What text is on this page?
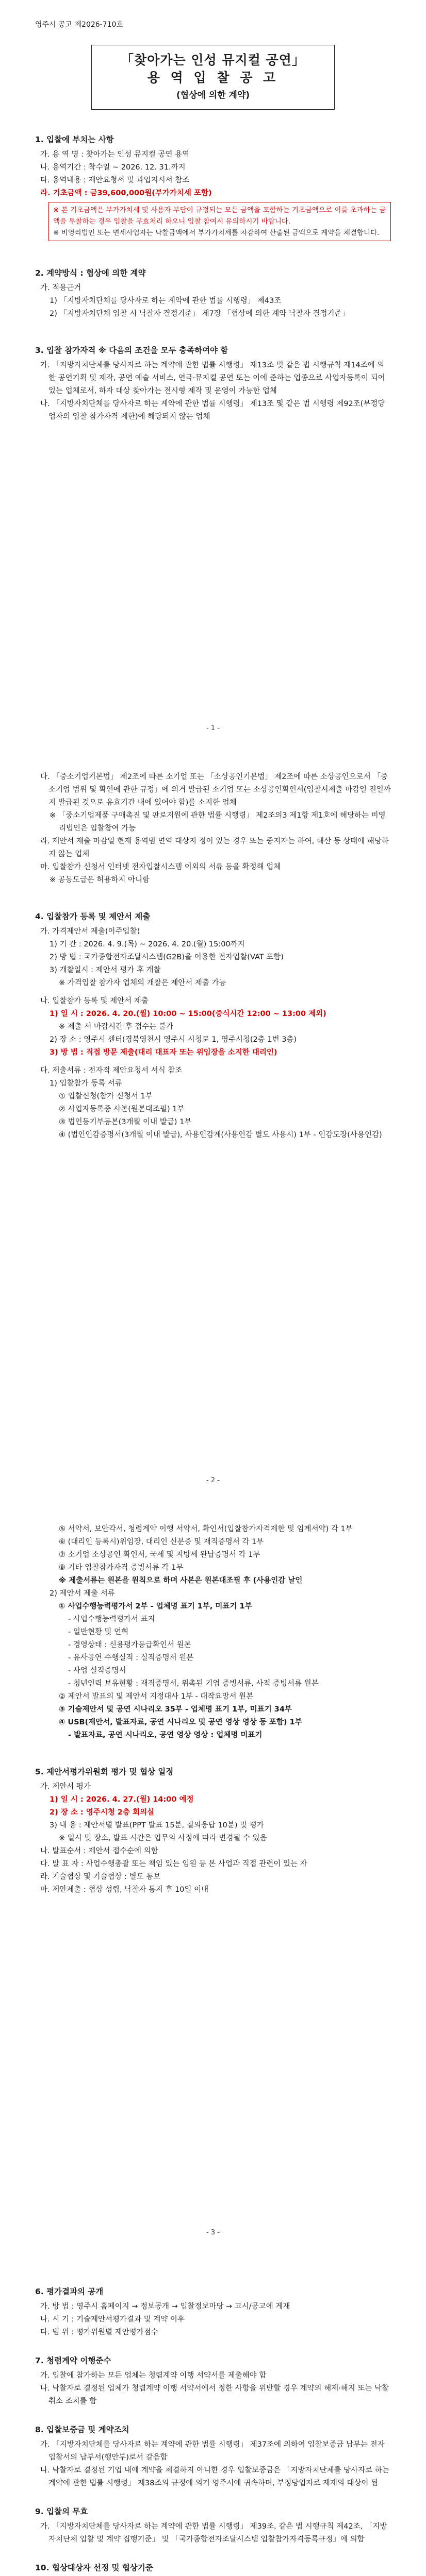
영주시 공고 제2026-710호

「찾아가는 인성 뮤지컬 공연」
용 역 입 찰 공 고
(협상에 의한 계약)
1. 입찰에 부치는 사항

가. 용 역 명 : 찾아가는 인성 뮤지컬 공연 용역

나. 용역기간 : 착수일 ~ 2026. 12. 31.까지

다. 용역내용 : 제안요청서 및 과업지시서 참조

라. 기초금액 : 금39,600,000원(부가가치세 포함)

※ 본 기초금액은 부가가치세 및 사용자 부담이 규정되는 모든 금액을 포함하는 기초금액으로 이를 초과하는 금액을 투찰하는 경우 입찰을 무효처리 하오니 입찰 참여시 유의하시기 바랍니다.

※ 비영리법인 또는 면세사업자는 낙찰금액에서 부가가치세를 차감하여 산출된 금액으로 계약을 체결합니다.

2. 계약방식 : 협상에 의한 계약

가. 적용근거

1) 「지방자치단체를 당사자로 하는 계약에 관한 법률 시행령」 제43조

2) 「지방자치단체 입찰 시 낙찰자 결정기준」 제7장 「협상에 의한 계약 낙찰자 결정기준」

3. 입찰 참가자격 ※ 다음의 조건을 모두 충족하여야 함

가. 「지방자치단체를 당사자로 하는 계약에 관한 법률 시행령」 제13조 및 같은 법 시행규칙 제14조에 의한 공연기획 및 제작, 공연 예술 서비스, 연극·뮤지컬 공연 또는 이에 준하는 업종으로 사업자등록이 되어 있는 업체로서, 하자 대상 찾아가는 전시형 제작 및 운영이 가능한 업체

나. 「지방자치단체를 당사자로 하는 계약에 관한 법률 시행령」 제13조 및 같은 법 시행령 제92조(부정당업자의 입찰 참가자격 제한)에 해당되지 않는 업체

- 1 -

다. 「중소기업기본법」 제2조에 따른 소기업 또는 「소상공인기본법」 제2조에 따른 소상공인으로서 「중소기업 범위 및 확인에 관한 규정」에 의거 발급된 소기업 또는 소상공인확인서(입찰서제출 마감일 전일까지 발급된 것으로 유효기간 내에 있어야 함)를 소지한 업체

※ 「중소기업제품 구매촉진 및 판로지원에 관한 법률 시행령」 제2조의3 제1항 제1호에 해당하는 비영리법인은 입찰참여 가능

라. 제안서 제출 마감일 현재 용역범 면역 대상지 정이 있는 경우 또는 중지자는 하여, 해산 등 상태에 해당하지 않는 업체

마. 입찰참가 신청서 인터넷 전자입찰시스템 이외의 서류 등을 확정해 업체

※ 공동도급은 허용하지 아니함

4. 입찰참가 등록 및 제안서 제출

가. 가격제안서 제출(이주입찰)

1) 기 간 : 2026. 4. 9.(목) ~ 2026. 4. 20.(월) 15:00까지

2) 방 법 : 국가종합전자조달시스템(G2B)을 이용한 전자입찰(VAT 포함)

3) 개찰일시 : 제안서 평가 후 개찰

※ 가격입찰 참가자 업체의 개찰은 제안서 제출 가능

나. 입찰참가 등록 및 제안서 제출

1) 일 시 : 2026. 4. 20.(월) 10:00 ~ 15:00(중식시간 12:00 ~ 13:00 제외)

※ 제출 서 마감시간 후 접수는 불가

2) 장 소 : 영주시 센터(경북영천시 영주시 시청로 1, 영주시청(2층 1번 3층)

3) 방 법 : 직접 방문 제출(대리 대표자 또는 위임장을 소지한 대리인)

다. 제출서류 : 전자적 제안요청서 서식 참조

1) 입찰참가 등록 서류

① 입찰신청(참가 신청서 1부

② 사업자등록증 사본(원본대조필) 1부

③ 법인등기부등본(3개월 이내 발급) 1부

④ (법인인감증명서(3개월 이내 발급), 사용인감계(사용인감 별도 사용시) 1부 - 인감도장(사용인감)

- 2 -

⑤ 서약서, 보안각서, 청렴계약 이행 서약서, 확인서(입찰참가자격제한 및 임계서약) 각 1부

⑥ (대리인 등록시)위임장, 대리인 신분증 및 재직증명서 각 1부

⑦ 소기업 소상공인 확인서, 국세 및 지방세 완납증명서 각 1부

⑧ 기타 입찰참가자격 증빙서류 각 1부

※ 제출서류는 원본을 원칙으로 하며 사본은 원본대조필 후 (사용인감 날인

2) 제안서 제출 서류

① 사업수행능력평가서 2부 - 업체명 표기 1부, 미표기 1부

- 사업수행능력평가서 표지

- 일반현황 및 연혁

- 경영상태 : 신용평가등급확인서 원본

- 유사공연 수행실적 : 실적증명서 원본

- 사업 실적증명서

- 청년인력 보유현황 : 재직증명서, 위촉된 기업 증빙서류, 사적 증빙서류 원본

② 제안서 발표의 및 제안서 지정대사 1부 - 대작요망서 원본

③ 기술제안서 및 공연 시나리오 35부 - 업체명 표기 1부, 미표기 34부

④ USB(제안서, 발표자료, 공연 시나리오 및 공연 영상 영상 등 포함) 1부

- 발표자료, 공연 시나리오, 공연 영상 영상 : 업체명 미표기

5. 제안서평가위원회 평가 및 협상 일정

가. 제안서 평가

1) 일 시 : 2026. 4. 27.(월) 14:00 예정

2) 장 소 : 영주시청 2층 회의실

3) 내 용 : 제안서별 발표(PPT 발표 15분, 질의응답 10분) 및 평가

※ 일시 및 장소, 발표 시간은 업무의 사정에 따라 변경될 수 있음

나. 발표순서 : 제안서 접수순에 의함

다. 발 표 자 : 사업수행총괄 또는 책임 있는 임원 등 본 사업과 직접 관련이 있는 자

라. 기술협상 및 기술협상 : 별도 통보

마. 제안제출 : 협상 성립, 낙찰자 통지 후 10일 이내

- 3 -
6. 평가결과의 공개

가. 방 법 : 영주시 홈페이지 → 정보공개 → 입찰정보마당 → 고시/공고에 게재

나. 시 기 : 기술제안서평가결과 및 계약 이후

다. 범 위 : 평가위원별 제안평가점수

7. 청렴계약 이행준수

가. 입찰에 참가하는 모든 업체는 청렴계약 이행 서약서를 제출해야 함

나. 낙찰자로 결정된 업체가 청렴계약 이행 서약서에서 정한 사항을 위반할 경우 계약의 해제·해지 또는 낙찰취소 조치를 함

8. 입찰보증금 및 계약조치

가. 「지방자치단체를 당사자로 하는 계약에 관한 법률 시행령」 제37조에 의하여 입찰보증금 납부는 전자입찰서의 납부서(행안부)로서 갈음함

나. 낙찰자로 결정된 기업 내에 계약을 체결하지 아니한 경우 입찰보증금은 「지방자치단체를 당사자로 하는 계약에 관한 법률 시행령」 제38조의 규정에 의거 영주시에 귀속하며, 부정당업자로 제재의 대상이 됨

9. 입찰의 무효

가. 「지방자치단체를 당사자로 하는 계약에 관한 법률 시행령」 제39조, 같은 법 시행규칙 제42조, 「지방자치단체 입찰 및 계약 집행기준」 및 「국가종합전자조달시스템 입찰참가자격등록규정」에 의함

10. 협상대상자 선정 및 협상기준
